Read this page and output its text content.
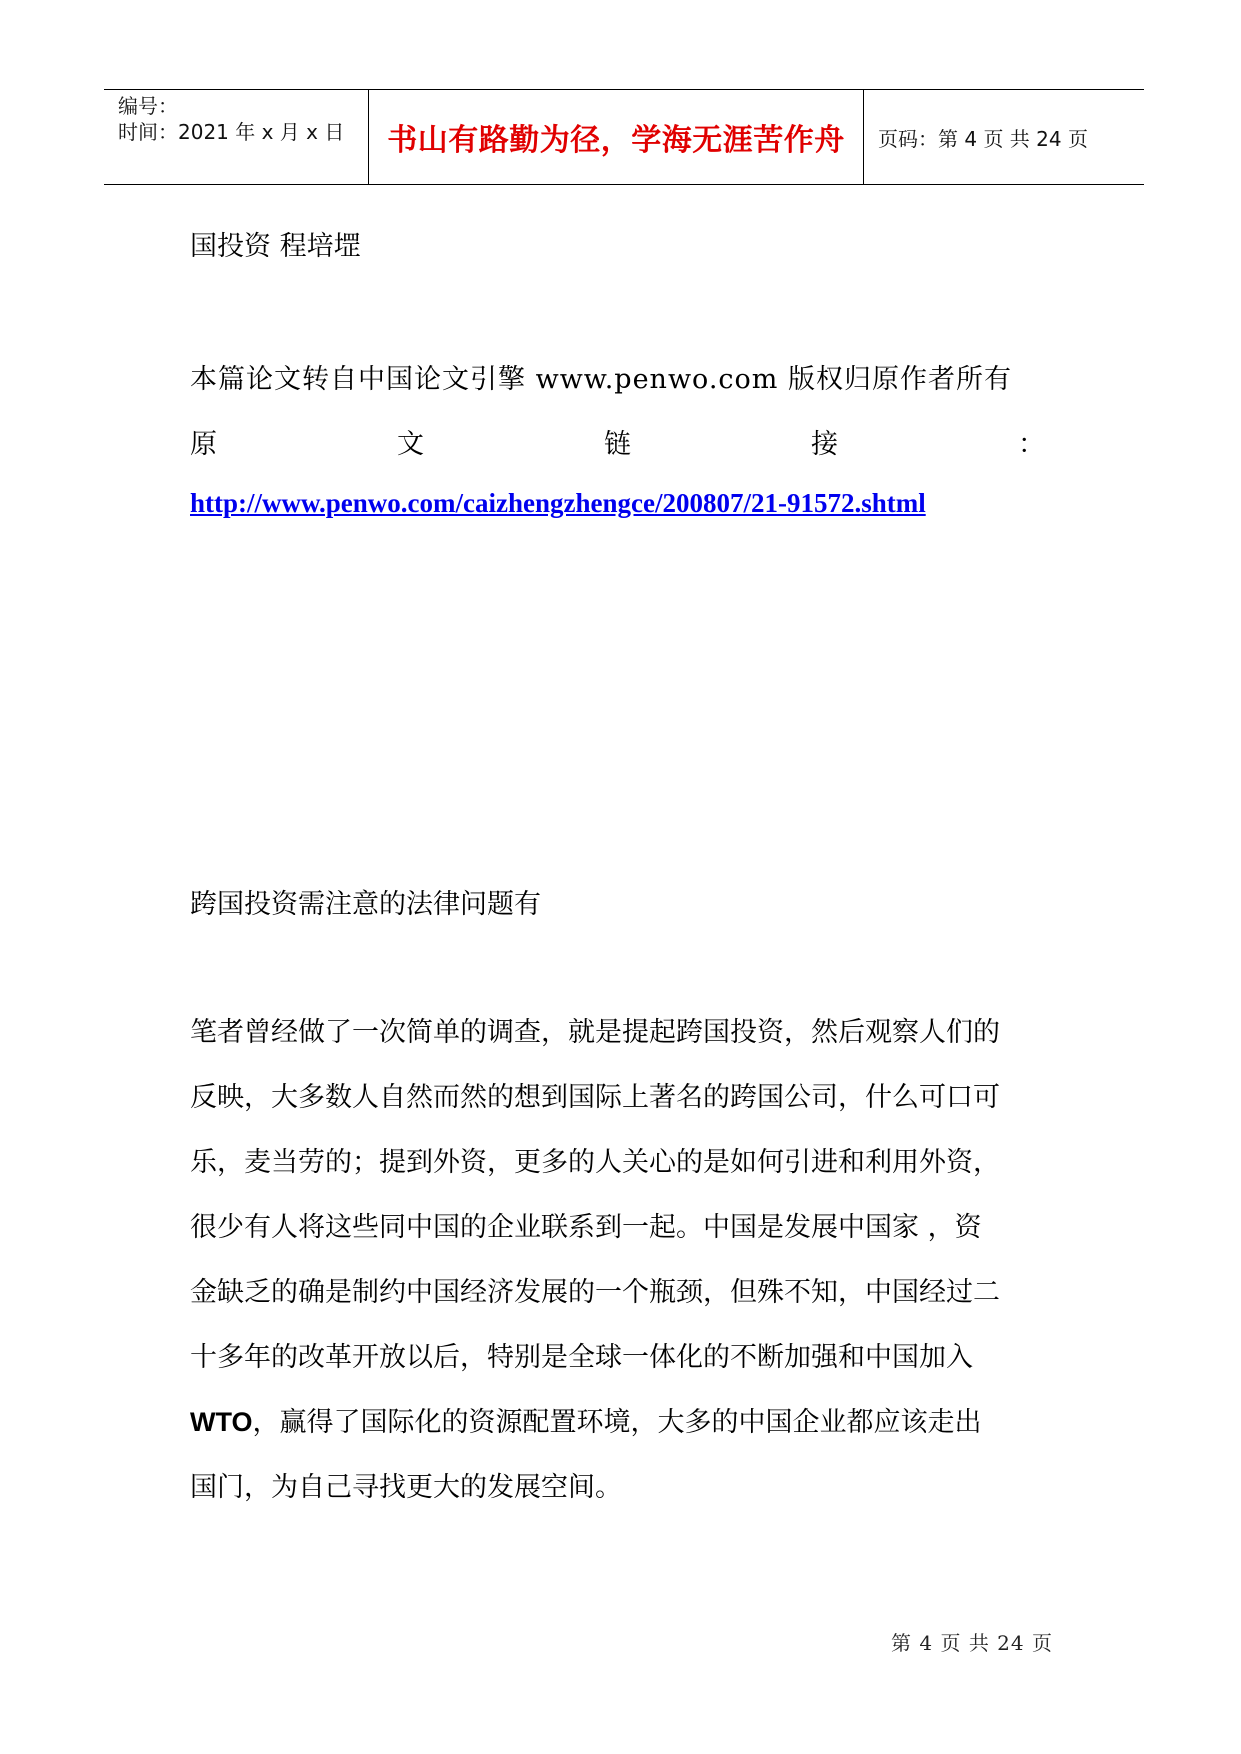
编号：
时间：2021 年 x 月 x 日 书山有路勤为径，学海无涯苦作舟 页码：第 4 页 共 24 页
国投资 程培堽
本篇论文转自中国论文引擎 www.penwo.com 版权归原作者所有
原	文	链	接	：
http://www.penwo.com/caizhengzhengce/200807/21-91572.shtml
跨国投资需注意的法律问题有
笔者曾经做了一次简单的调查，就是提起跨国投资，然后观察人们的
反映，大多数人自然而然的想到国际上著名的跨国公司，什么可口可
乐，麦当劳的；提到外资，更多的人关心的是如何引进和利用外资，
很少有人将这些同中国的企业联系到一起。中国是发展中国家 ，资
金缺乏的确是制约中国经济发展的一个瓶颈，但殊不知，中国经过二
十多年的改革开放以后，特别是全球一体化的不断加强和中国加入
WTO，赢得了国际化的资源配置环境，大多的中国企业都应该走出
国门，为自己寻找更大的发展空间。
第 4 页 共 24 页
